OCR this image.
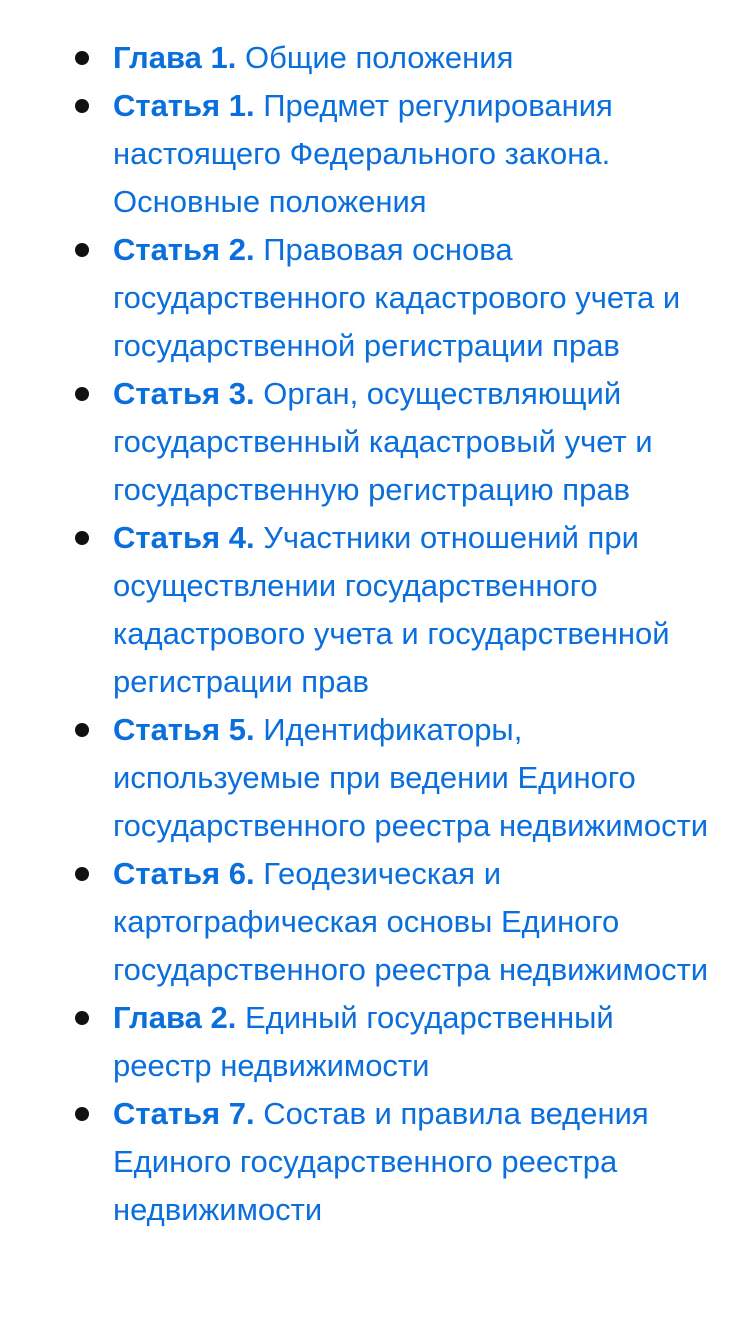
Глава 1. Общие положения
Статья 1. Предмет регулирования настоящего Федерального закона. Основные положения
Статья 2. Правовая основа государственного кадастрового учета и государственной регистрации прав
Статья 3. Орган, осуществляющий государственный кадастровый учет и государственную регистрацию прав
Статья 4. Участники отношений при осуществлении государственного кадастрового учета и государственной регистрации прав
Статья 5. Идентификаторы, используемые при ведении Единого государственного реестра недвижимости
Статья 6. Геодезическая и картографическая основы Единого государственного реестра недвижимости
Глава 2. Единый государственный реестр недвижимости
Статья 7. Состав и правила ведения Единого государственного реестра недвижимости
